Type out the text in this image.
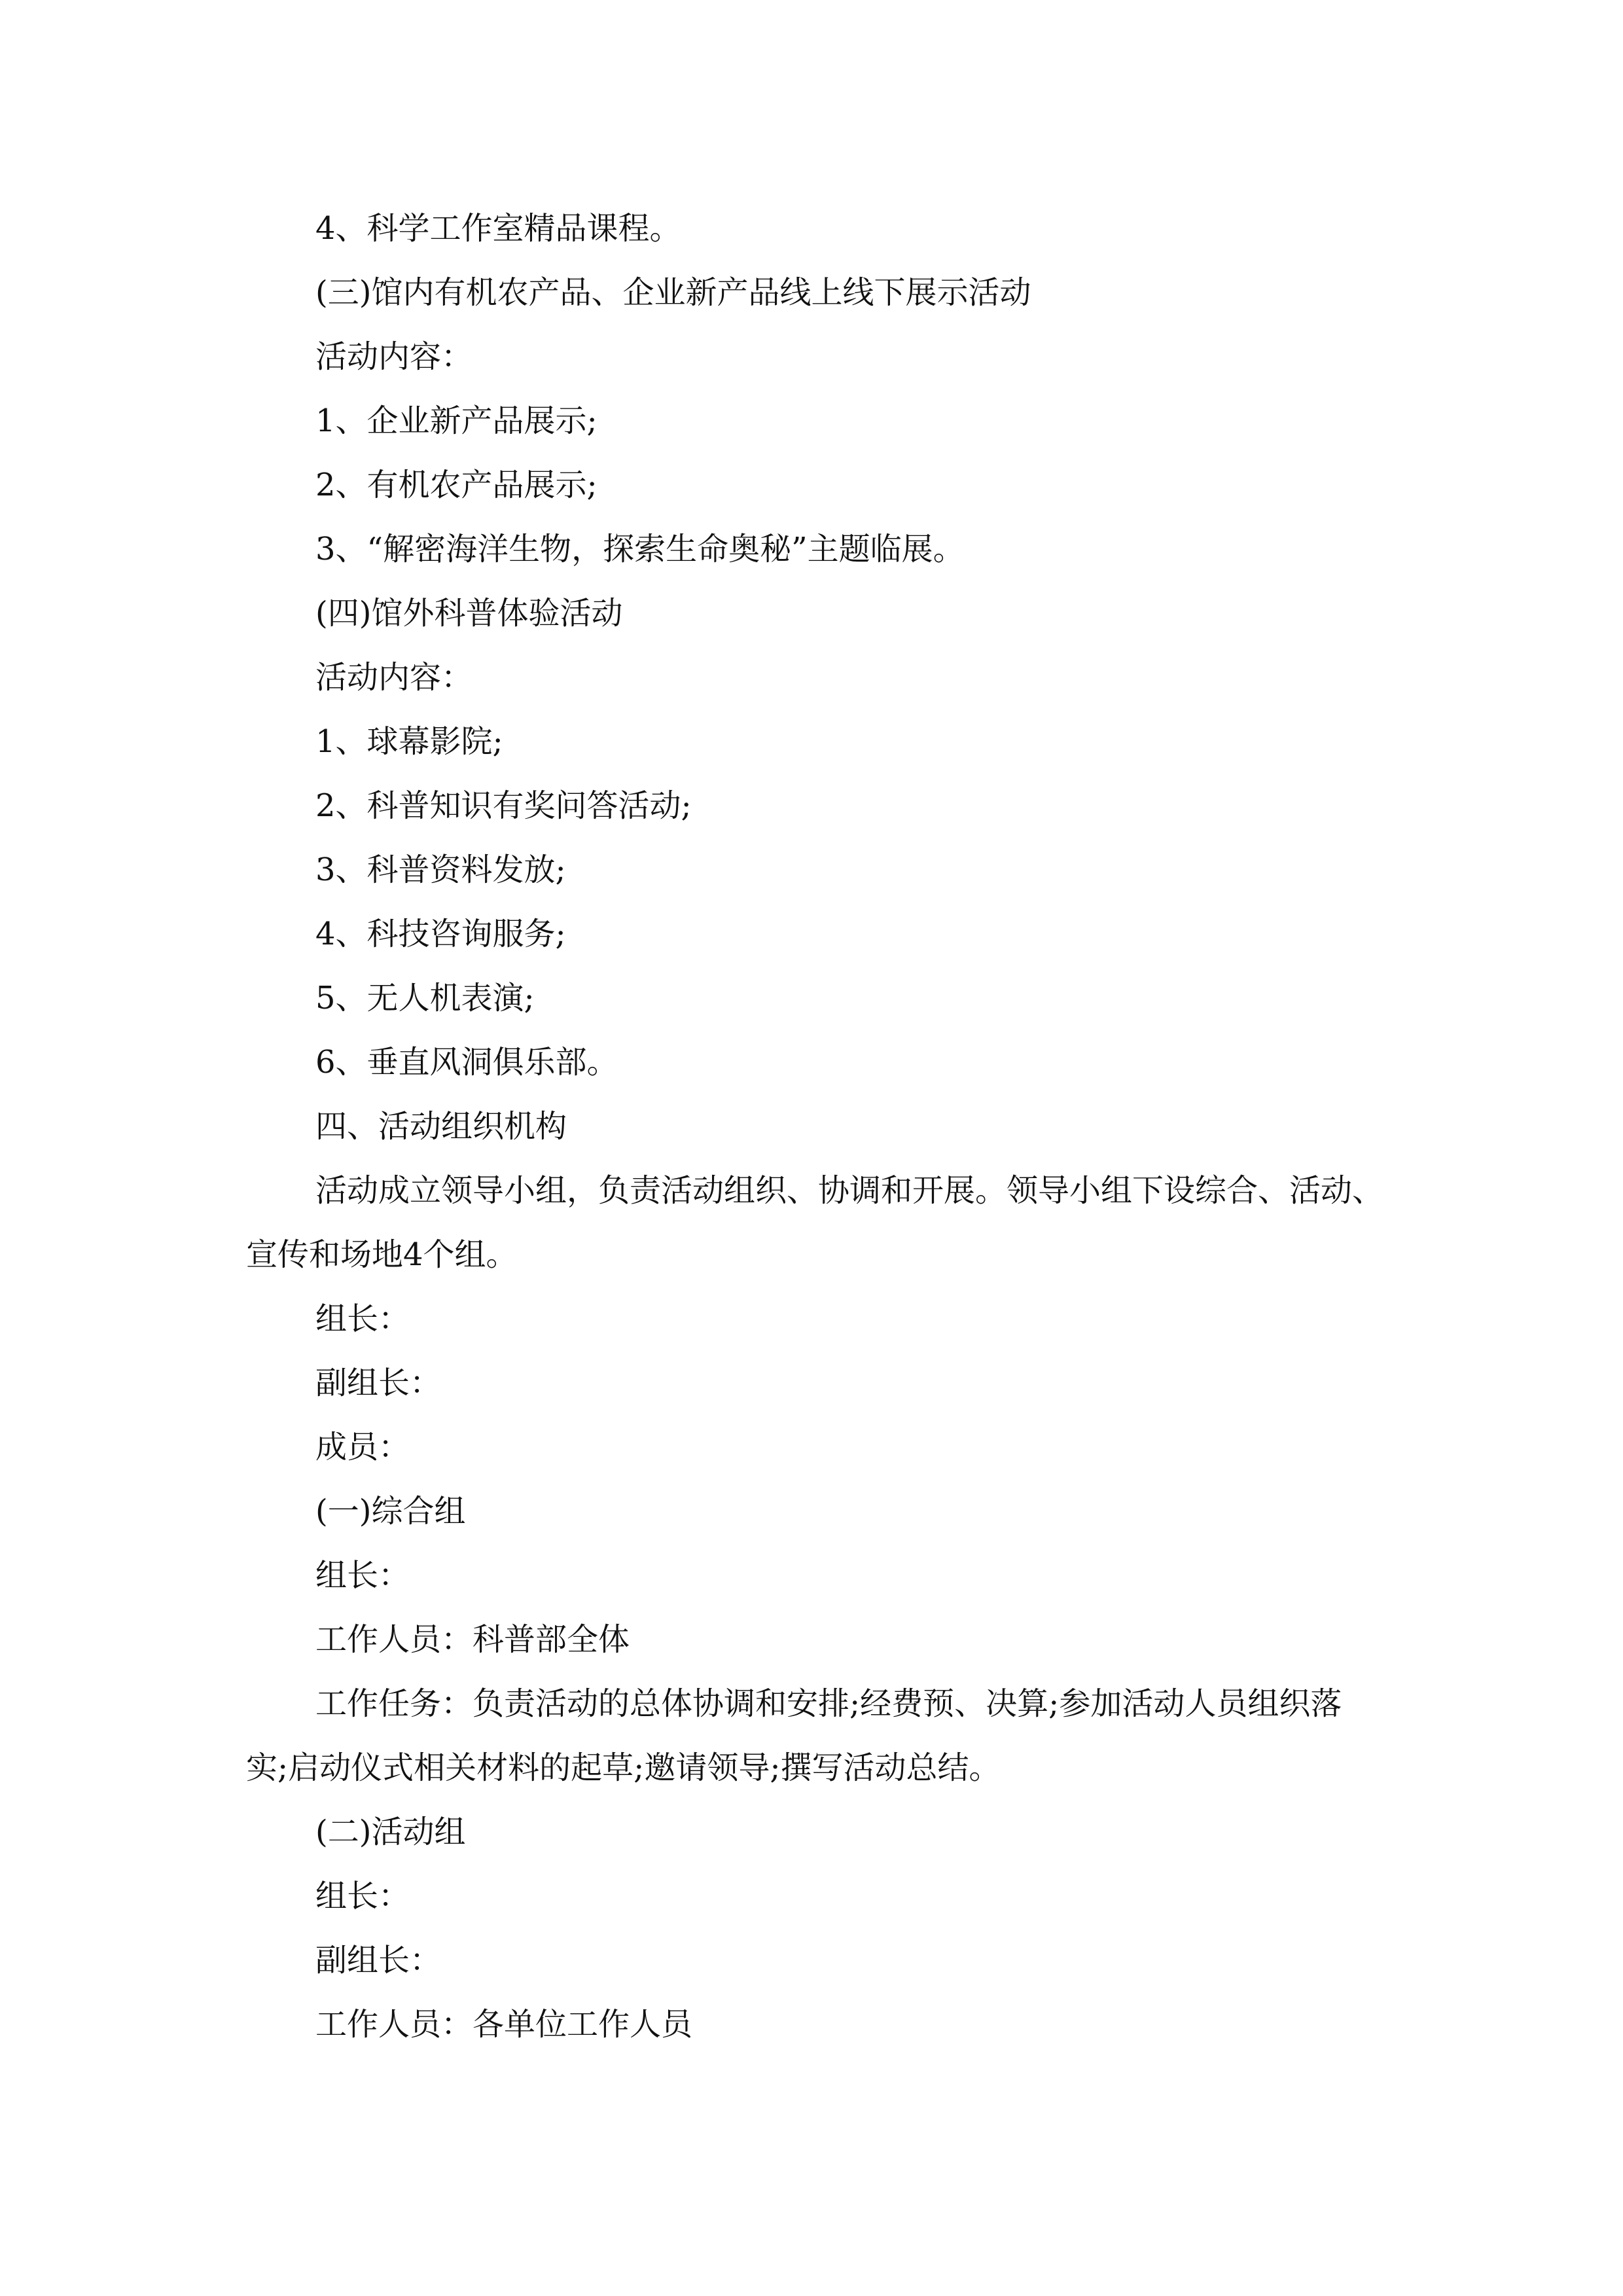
4、科学工作室精品课程。

(三)馆内有机农产品、企业新产品线上线下展示活动

活动内容：

1、企业新产品展示;

2、有机农产品展示;

3、“解密海洋生物，探索生命奥秘”主题临展。

(四)馆外科普体验活动

活动内容：

1、球幕影院;

2、科普知识有奖问答活动;

3、科普资料发放;

4、科技咨询服务;

5、无人机表演;

6、垂直风洞俱乐部。

四、活动组织机构

活动成立领导小组，负责活动组织、协调和开展。领导小组下设综合、活动、

宣传和场地4个组。

组长：

副组长：

成员：

(一)综合组

组长：

工作人员：科普部全体

工作任务：负责活动的总体协调和安排;经费预、决算;参加活动人员组织落

实;启动仪式相关材料的起草;邀请领导;撰写活动总结。

(二)活动组

组长：

副组长：

工作人员：各单位工作人员
